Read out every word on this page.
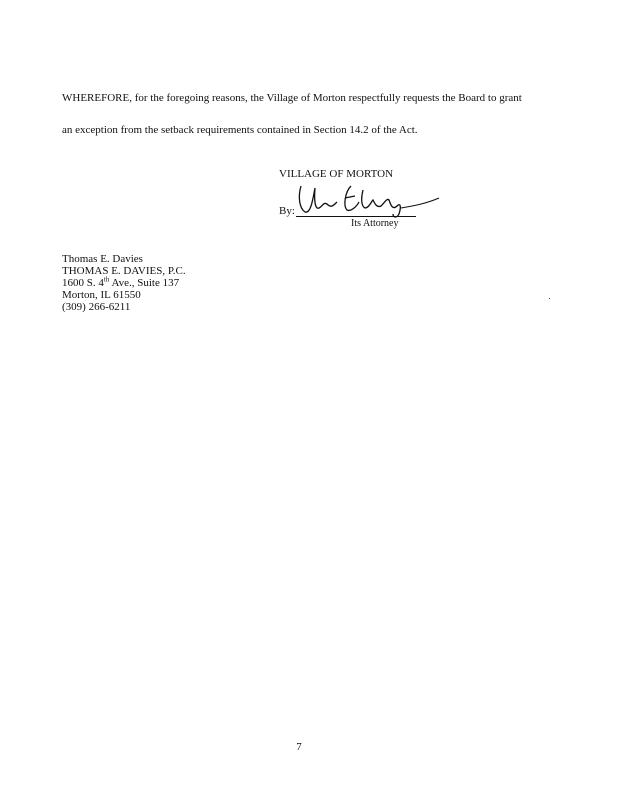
WHEREFORE, for the foregoing reasons, the Village of Morton respectfully requests the Board to grant
an exception from the setback requirements contained in Section 14.2 of the Act.
VILLAGE OF MORTON
By:
Its Attorney
Thomas E. Davies
THOMAS E. DAVIES, P.C.
1600 S. 4th Ave., Suite 137
Morton, IL 61550
(309) 266-6211
7
